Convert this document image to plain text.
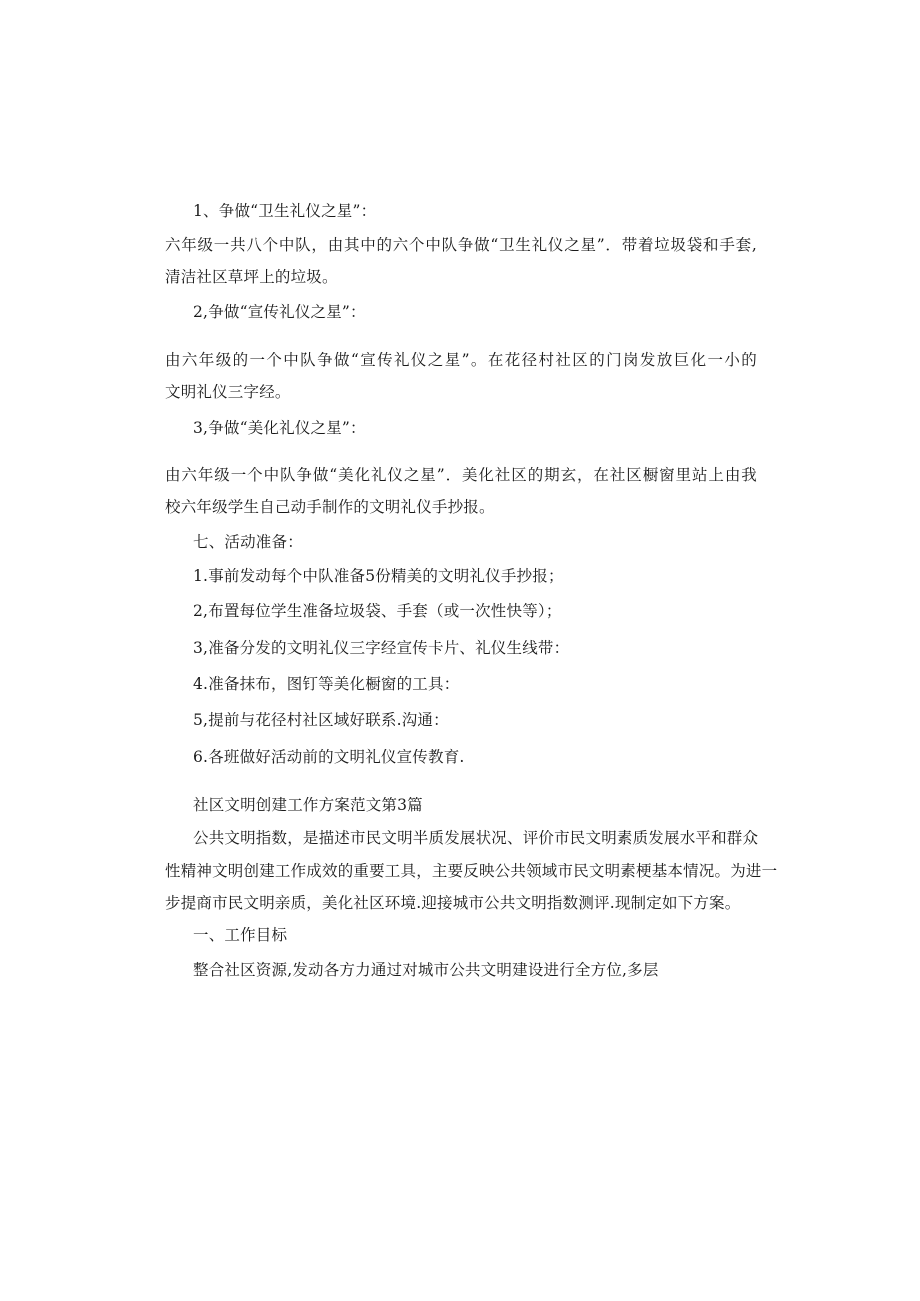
1、争做“卫生礼仪之星”：
六年级一共八个中队，由其中的六个中队争做“卫生礼仪之星”．带着垃圾袋和手套,
清洁社区草坪上的垃圾。
2,争做“宣传礼仪之星”：
由六年级的一个中队争做“宣传礼仪之星”。在花径村社区的门岗发放巨化一小的
文明礼仪三字经。
3,争做“美化礼仪之星”：
由六年级一个中队争做“美化礼仪之星”．美化社区的期玄，在社区橱窗里站上由我
校六年级学生自己动手制作的文明礼仪手抄报。
七、活动准备：
1.事前发动每个中队准备5份精美的文明礼仪手抄报；
2,布置每位学生准备垃圾袋、手套（或一次性快等）；
3,准备分发的文明礼仪三字经宣传卡片、礼仪生线带：
4.准备抹布，图钉等美化橱窗的工具：
5,提前与花径村社区域好联系.沟通：
6.各班做好活动前的文明礼仪宣传教育.
社区文明创建工作方案范文第3篇
公共文明指数，是描述市民文明半质发展状况、评价市民文明素质发展水平和群众
性精神文明创建工作成效的重要工具，主要反映公共领域市民文明素梗基本情况。为进一
步提商市民文明亲质，美化社区环境.迎接城市公共文明指数测评.现制定如下方案。
一、工作目标
整合社区资源,发动各方力通过对城市公共文明建设进行全方位,多层
